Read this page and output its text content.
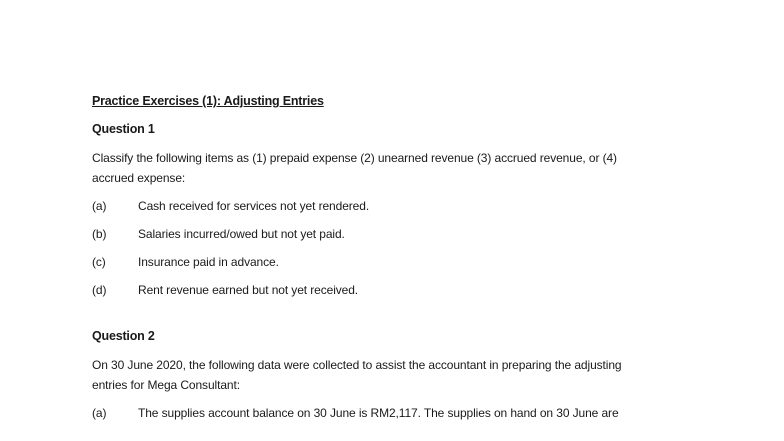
Practice Exercises (1): Adjusting Entries

Question 1

Classify the following items as (1) prepaid expense (2) unearned revenue (3) accrued revenue, or (4)
accrued expense:

(a)	Cash received for services not yet rendered.
(b)	Salaries incurred/owed but not yet paid.
(c)	Insurance paid in advance.
(d)	Rent revenue earned but not yet received.

Question 2

On 30 June 2020, the following data were collected to assist the accountant in preparing the adjusting
entries for Mega Consultant:

(a)	The supplies account balance on 30 June is RM2,117. The supplies on hand on 30 June are
